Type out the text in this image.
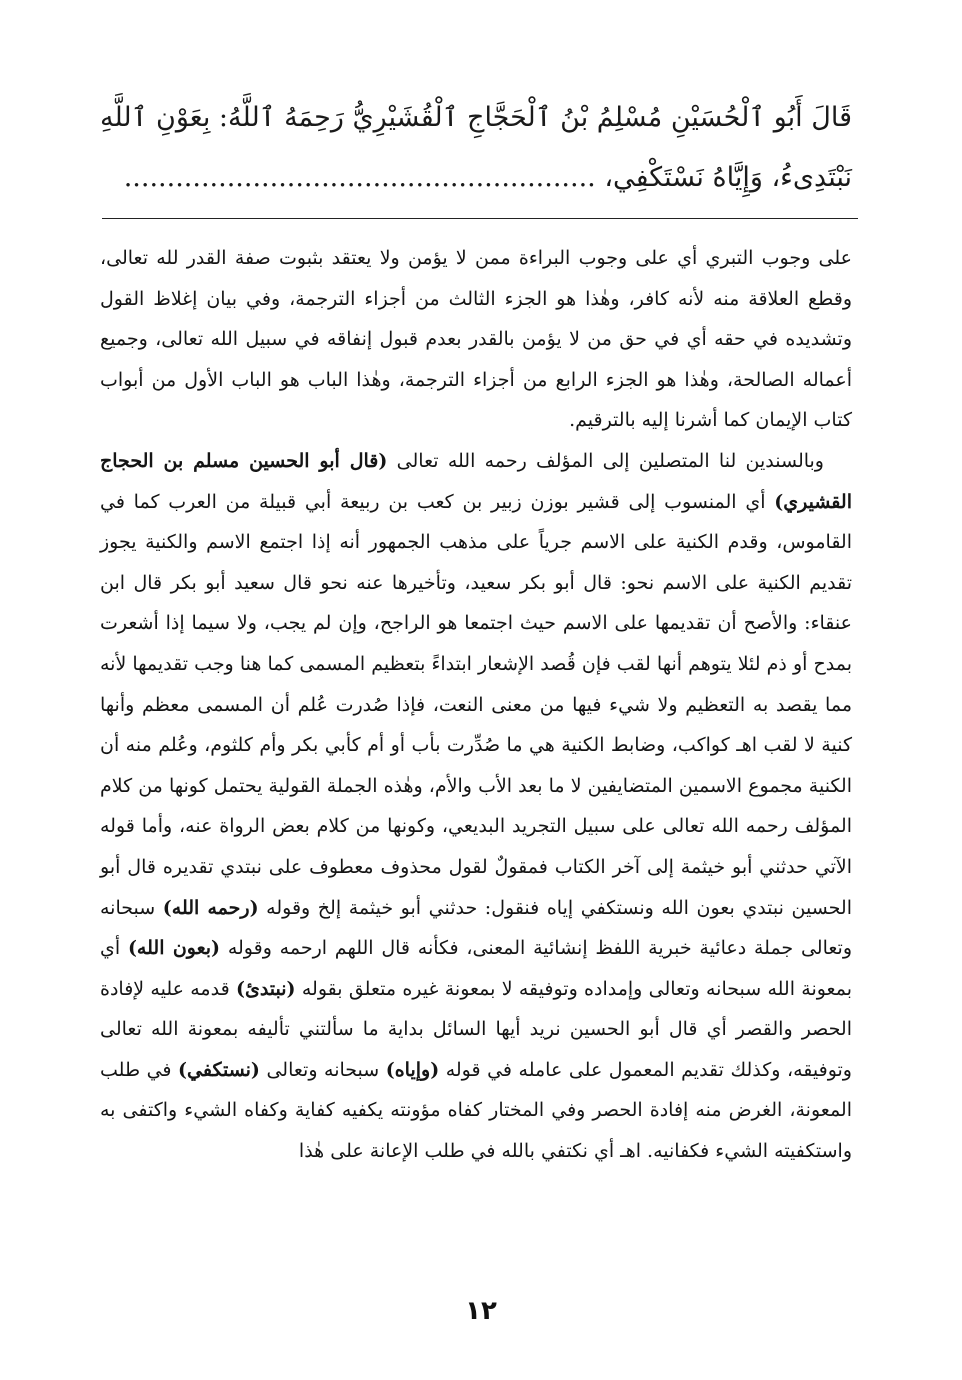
قَالَ أَبُو ٱلْحُسَيْنِ مُسْلِمُ بْنُ ٱلْحَجَّاجِ ٱلْقُشَيْرِيُّ رَحِمَهُ ٱللَّهُ: بِعَوْنِ ٱللَّهِ نَبْتَدِىءُ، وَإِيَّاهُ نَسْتَكْفِي، .......................................................

على وجوب التبري أي على وجوب البراءة ممن لا يؤمن ولا يعتقد بثبوت صفة القدر لله تعالى، وقطع العلاقة منه لأنه كافر، وهٰذا هو الجزء الثالث من أجزاء الترجمة، وفي بيان إغلاظ القول وتشديده في حقه أي في حق من لا يؤمن بالقدر بعدم قبول إنفاقه في سبيل الله تعالى، وجميع أعماله الصالحة، وهٰذا هو الجزء الرابع من أجزاء الترجمة، وهٰذا الباب هو الباب الأول من أبواب كتاب الإيمان كما أشرنا إليه بالترقيم.

وبالسندين لنا المتصلين إلى المؤلف رحمه الله تعالى (قال أبو الحسين مسلم بن الحجاج القشيري) أي المنسوب إلى قشير بوزن زبير بن كعب بن ربيعة أبي قبيلة من العرب كما في القاموس، وقدم الكنية على الاسم جرياً على مذهب الجمهور أنه إذا اجتمع الاسم والكنية يجوز تقديم الكنية على الاسم نحو: قال أبو بكر سعيد، وتأخيرها عنه نحو قال سعيد أبو بكر قال ابن عنقاء: والأصح أن تقديمها على الاسم حيث اجتمعا هو الراجح، وإن لم يجب، ولا سيما إذا أشعرت بمدح أو ذم لئلا يتوهم أنها لقب فإن قُصد الإشعار ابتداءً بتعظيم المسمى كما هنا وجب تقديمها لأنه مما يقصد به التعظيم ولا شيء فيها من معنى النعت، فإذا صُدرت عُلم أن المسمى معظم وأنها كنية لا لقب اهـ كواكب، وضابط الكنية هي ما صُدِّرت بأب أو أم كأبي بكر وأم كلثوم، وعُلم منه أن الكنية مجموع الاسمين المتضايفين لا ما بعد الأب والأم، وهٰذه الجملة القولية يحتمل كونها من كلام المؤلف رحمه الله تعالى على سبيل التجريد البديعي، وكونها من كلام بعض الرواة عنه، وأما قوله الآتي حدثني أبو خيثمة إلى آخر الكتاب فمقولٌ لقول محذوف معطوف على نبتدي تقديره قال أبو الحسين نبتدي بعون الله ونستكفي إياه فنقول: حدثني أبو خيثمة إلخ وقوله (رحمه الله) سبحانه وتعالى جملة دعائية خبرية اللفظ إنشائية المعنى، فكأنه قال اللهم ارحمه وقوله (بعون الله) أي بمعونة الله سبحانه وتعالى وإمداده وتوفيقه لا بمعونة غيره متعلق بقوله (نبتدئ) قدمه عليه لإفادة الحصر والقصر أي قال أبو الحسين نريد أيها السائل بداية ما سألتني تأليفه بمعونة الله تعالى وتوفيقه، وكذلك تقديم المعمول على عامله في قوله (وإياه) سبحانه وتعالى (نستكفي) في طلب المعونة، الغرض منه إفادة الحصر وفي المختار كفاه مؤونته يكفيه كفاية وكفاه الشيء واكتفى به واستكفيته الشيء فكفانيه. اهـ أي نكتفي بالله في طلب الإعانة على هٰذا

١٢
